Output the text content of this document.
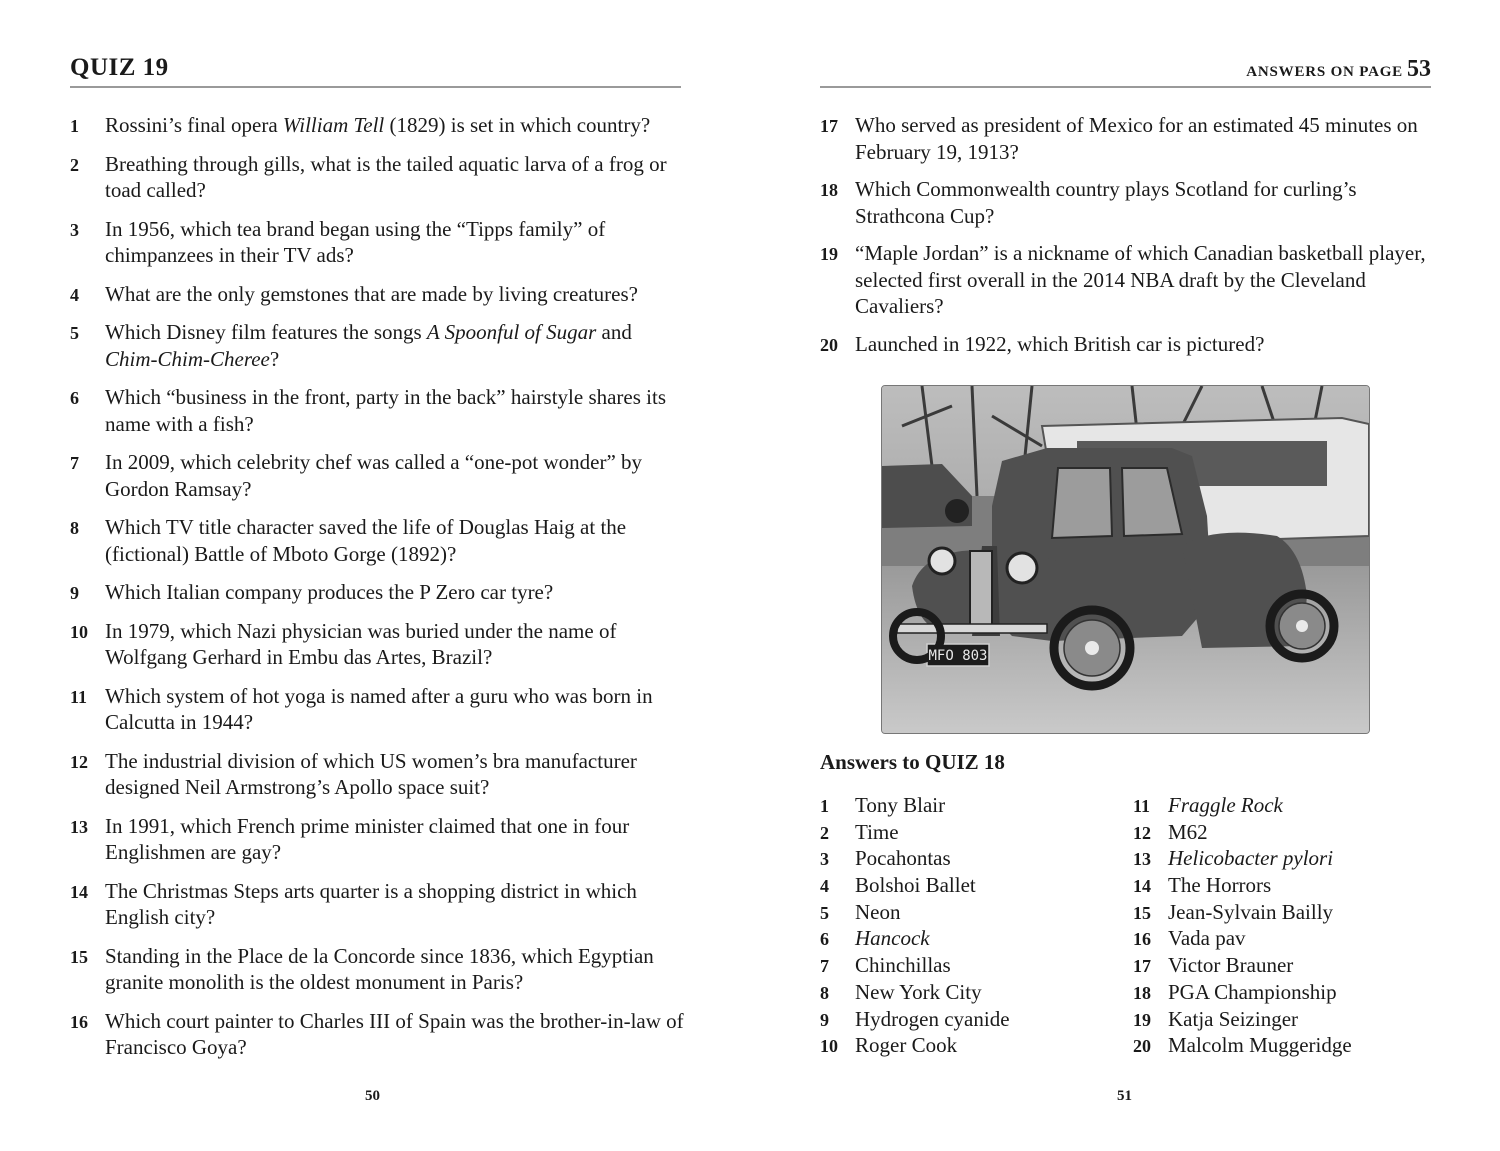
QUIZ 19
1 Rossini’s final opera William Tell (1829) is set in which country?
2 Breathing through gills, what is the tailed aquatic larva of a frog or toad called?
3 In 1956, which tea brand began using the “Tipps family” of chimpanzees in their TV ads?
4 What are the only gemstones that are made by living creatures?
5 Which Disney film features the songs A Spoonful of Sugar and Chim-Chim-Cheree?
6 Which “business in the front, party in the back” hairstyle shares its name with a fish?
7 In 2009, which celebrity chef was called a “one-pot wonder” by Gordon Ramsay?
8 Which TV title character saved the life of Douglas Haig at the (fictional) Battle of Mboto Gorge (1892)?
9 Which Italian company produces the P Zero car tyre?
10 In 1979, which Nazi physician was buried under the name of Wolfgang Gerhard in Embu das Artes, Brazil?
11 Which system of hot yoga is named after a guru who was born in Calcutta in 1944?
12 The industrial division of which US women’s bra manufacturer designed Neil Armstrong’s Apollo space suit?
13 In 1991, which French prime minister claimed that one in four Englishmen are gay?
14 The Christmas Steps arts quarter is a shopping district in which English city?
15 Standing in the Place de la Concorde since 1836, which Egyptian granite monolith is the oldest monument in Paris?
16 Which court painter to Charles III of Spain was the brother-in-law of Francisco Goya?
50
ANSWERS ON PAGE 53
17 Who served as president of Mexico for an estimated 45 minutes on February 19, 1913?
18 Which Commonwealth country plays Scotland for curling’s Strathcona Cup?
19 “Maple Jordan” is a nickname of which Canadian basketball player, selected first overall in the 2014 NBA draft by the Cleveland Cavaliers?
20 Launched in 1922, which British car is pictured?
MFO 803
Answers to QUIZ 18
1 Tony Blair
2 Time
3 Pocahontas
4 Bolshoi Ballet
5 Neon
6 Hancock
7 Chinchillas
8 New York City
9 Hydrogen cyanide
10 Roger Cook
11 Fraggle Rock
12 M62
13 Helicobacter pylori
14 The Horrors
15 Jean-Sylvain Bailly
16 Vada pav
17 Victor Brauner
18 PGA Championship
19 Katja Seizinger
20 Malcolm Muggeridge
51
